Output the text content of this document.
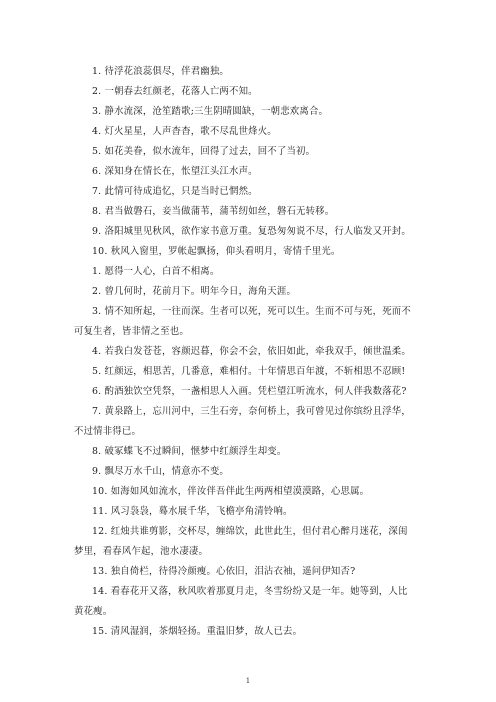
1. 待浮花浪蕊俱尽，伴君幽独。
2. 一朝春去红颜老，花落人亡两不知。
3. 静水流深，沧笙踏歌;三生阴晴圆缺，一朝悲欢离合。
4. 灯火星星，人声杳杳，歌不尽乱世烽火。
5. 如花美眷，似水流年，回得了过去，回不了当初。
6. 深知身在情长在，怅望江头江水声。
7. 此情可待成追忆，只是当时已惘然。
8. 君当做磐石，妾当做蒲苇，蒲苇纫如丝，磐石无转移。
9. 洛阳城里见秋风，欲作家书意万重。复恐匆匆说不尽，行人临发又开封。
10. 秋风入窗里，罗帐起飘扬，仰头看明月，寄情千里光。
1. 愿得一人心，白首不相离。
2. 曾几何时，花前月下。明年今日，海角天涯。
3. 情不知所起，一往而深。生者可以死，死可以生。生而不可与死，死而不
可复生者，皆非情之至也。
4. 若我白发苍苍，容颜迟暮，你会不会，依旧如此，牵我双手，倾世温柔。
5. 红颜远，相思苦，几番意，难相付。十年情思百年渡，不斩相思不忍顾!
6. 酌酒独饮空凭祭，一盏相思人入画。凭栏望江听流水，何人伴我数落花?
7. 黄泉路上，忘川河中，三生石旁，奈何桥上，我可曾见过你缤纷且浮华，
不过情非得已。
8. 破冢蝶飞不过瞬间，惬梦中红颜浮生却变。
9. 飘尽万水千山，情意亦不变。
10. 如海如风如流水，伴汝伴吾伴此生两两相望漠漠路，心思属。
11. 风习袅袅，蓦水展千华，飞檐亭角清铃响。
12. 红烛共谁剪影，交杯尽，缠绵饮，此世此生，但付君心醉月迷花，深闺
梦里，看春风乍起，池水凄凄。
13. 独自倚栏，待得冷颜瘦。心依旧，泪沾衣袖，遥问伊知否?
14. 看春花开又落，秋风吹着那夏月走，冬雪纷纷又是一年。她等到，人比
黄花瘦。
15. 清风湿润，茶烟轻扬。重温旧梦，故人已去。
1
